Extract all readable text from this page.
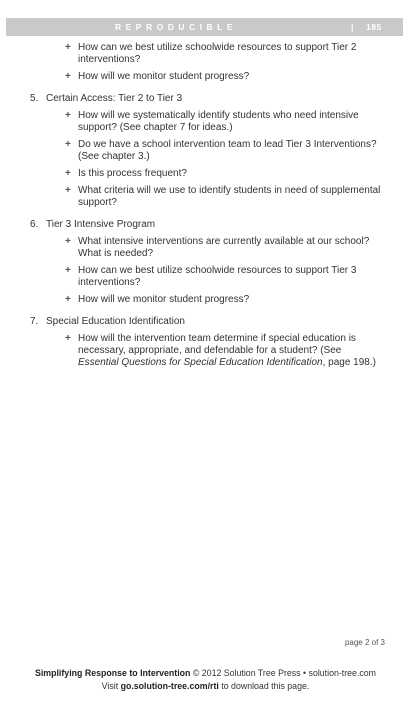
REPRODUCIBLE	| 185
+ How can we best utilize schoolwide resources to support Tier 2 interventions?
+ How will we monitor student progress?
5. Certain Access: Tier 2 to Tier 3
+ How will we systematically identify students who need intensive support? (See chapter 7 for ideas.)
+ Do we have a school intervention team to lead Tier 3 Interventions? (See chapter 3.)
+ Is this process frequent?
+ What criteria will we use to identify students in need of supplemental support?
6. Tier 3 Intensive Program
+ What intensive interventions are currently available at our school? What is needed?
+ How can we best utilize schoolwide resources to support Tier 3 interventions?
+ How will we monitor student progress?
7. Special Education Identification
+ How will the intervention team determine if special education is necessary, appropriate, and defendable for a student? (See Essential Questions for Special Education Identification, page 198.)
page 2 of 3
Simplifying Response to Intervention © 2012 Solution Tree Press • solution-tree.com
Visit go.solution-tree.com/rti to download this page.
